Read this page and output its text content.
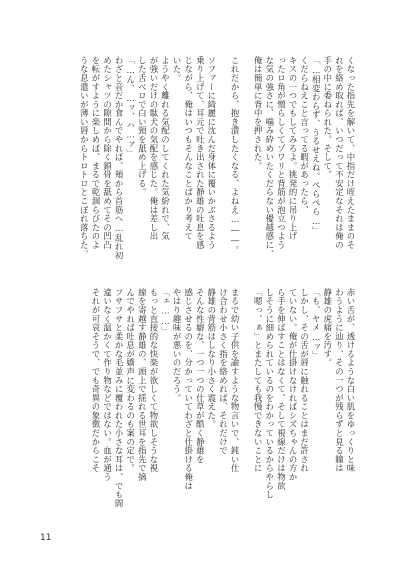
くなった指先を解いて、中指だけ咥えたままのそ
れを絡め取れば、いつだって不安定なそれは俺の
手の中に委ねられた。そして。
「…相変わらず、うるせえね。ぺらぺら…」
くだらねえこと言ってる暇があったら、
キスの一つでもしてみろよ。挑発的に吊り上げ
ったロ角が憎らしくてゾワリと背筋が泡立つよう
な気の強さに、噛み砕めいたくだらない優越感に、
俺は簡単に背中を押された。

これだから、抱き潰したくなる、よねえ…――。

ソファーに綺麗に沈んだ身体に覆いかぶさるよう
乗り上げて、耳元で吐き出された静雄の吐息を感
じながら、俺はいつもそんなことばかり考えて
いた。
ようやく離れる気配のしてくれた気紛れで、気
が強いだけの駄犬の気配を感じた。俺は差し出
した舌べロで白い頸を舐め上げる。
「…ん、…ッ、ハ…ァ」
わざと音だか食んでやれば、頬から首筋へ…乱れ初
めたシャツの隙間から除く鎖骨を舐めてその凹凸
を転がすように楽しめば、まるで乾涸らびたのよ
うな息遣いが薄い唇からトロトロとこぼれ落ちた。
赤い舌が、透けるような白い肌をゆっくりと味
わうように辿り、その一つが残らずと見る瞳は
静雄の虎痛を汚す。
「も、ヤメ…ッ」
しかし、その舌が唇に触れることはまだ許され
ていない。俺が仕掛けなければシズちゃんの方か
ら手を伸ばすことはなくて、そして視線だけは物欲
しそうに細められているのをわかっているからやらし
「嗯っ、ぁ」とまたしても我慢できないことに

まるで幼い子供を諭すような物言いで、鈍い仕
け合わせ小さく指を絡めれば、それだけで
静雄の背筋はしなり小さく震えた。
そんな性癖な、一つ一つの仕草が酷く静雄を
感じさせるのを、分かっていてわざと仕掛ける俺は
やはり趣味が悪いのだろう。
「ェ……」
もっと直接的な快楽が欲しくて物欲しそうな視
線を寄越す静雄の、頭上で揺れる世耳を指先で摘
んでやれば吐息が嬌声に変わるのも案の定で。
フサフサと柔かな毛並みに覆われた小さな耳は、でも間
違いなく温かくて作り物などではない。血が通う
それが可哀そうで、でも奇異の象徴だからこそ
11
